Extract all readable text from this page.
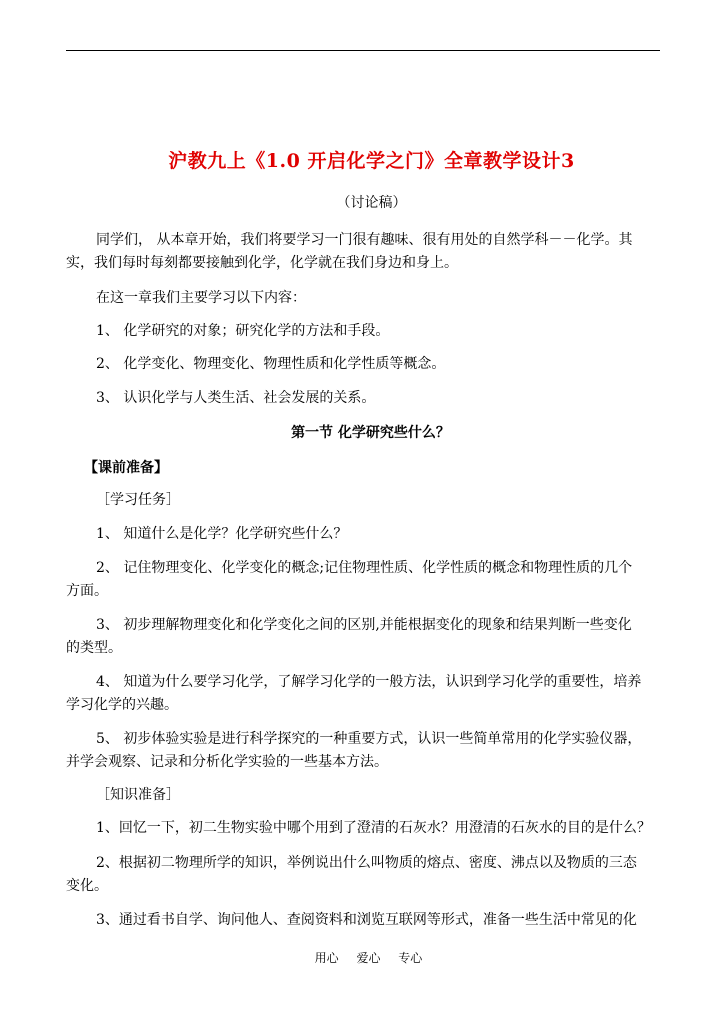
沪教九上《1.0 开启化学之门》全章教学设计3
（讨论稿）
同学们， 从本章开始，我们将要学习一门很有趣味、很有用处的自然学科－－化学。其
实，我们每时每刻都要接触到化学，化学就在我们身边和身上。
在这一章我们主要学习以下内容：
1、 化学研究的对象；研究化学的方法和手段。
2、 化学变化、物理变化、物理性质和化学性质等概念。
3、 认识化学与人类生活、社会发展的关系。
第一节 化学研究些什么？
【课前准备】
［学习任务］
1、 知道什么是化学？化学研究些什么？
2、 记住物理变化、化学变化的概念;记住物理性质、化学性质的概念和物理性质的几个
方面。
3、 初步理解物理变化和化学变化之间的区别,并能根据变化的现象和结果判断一些变化
的类型。
4、 知道为什么要学习化学，了解学习化学的一般方法，认识到学习化学的重要性，培养
学习化学的兴趣。
5、 初步体验实验是进行科学探究的一种重要方式，认识一些简单常用的化学实验仪器，
并学会观察、记录和分析化学实验的一些基本方法。
［知识准备］
1、回忆一下，初二生物实验中哪个用到了澄清的石灰水？用澄清的石灰水的目的是什么？
2、根据初二物理所学的知识，举例说出什么叫物质的熔点、密度、沸点以及物质的三态
变化。
3、通过看书自学、询问他人、查阅资料和浏览互联网等形式，准备一些生活中常见的化
用心 爱心 专心
